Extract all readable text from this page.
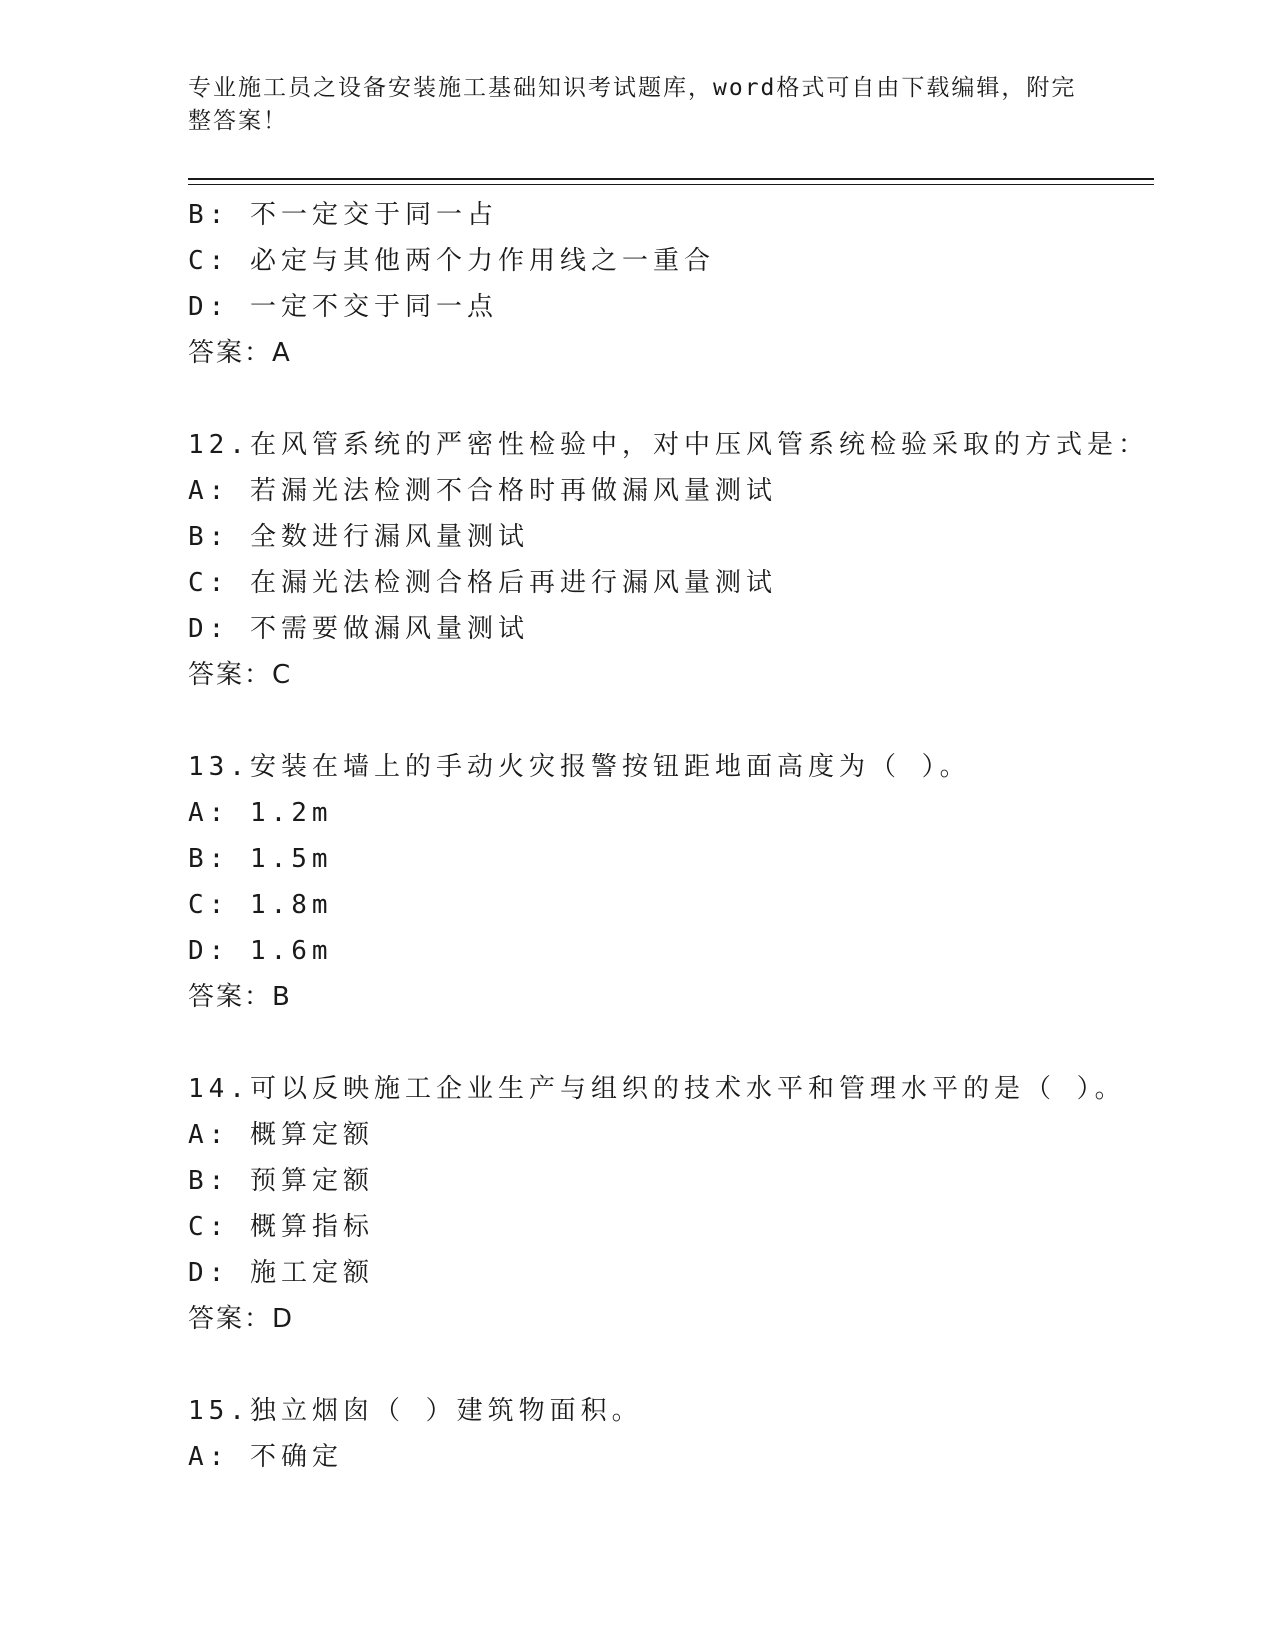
专业施工员之设备安装施工基础知识考试题库，word格式可自由下载编辑，附完
整答案！
B: 不一定交于同一占
C: 必定与其他两个力作用线之一重合
D: 一定不交于同一点
答案：A
12.在风管系统的严密性检验中，对中压风管系统检验采取的方式是：
A: 若漏光法检测不合格时再做漏风量测试
B: 全数进行漏风量测试
C: 在漏光法检测合格后再进行漏风量测试
D: 不需要做漏风量测试
答案：C
13.安装在墙上的手动火灾报警按钮距地面高度为（ ）。
A: 1.2m
B: 1.5m
C: 1.8m
D: 1.6m
答案：B
14.可以反映施工企业生产与组织的技术水平和管理水平的是（ ）。
A: 概算定额
B: 预算定额
C: 概算指标
D: 施工定额
答案：D
15.独立烟囱（ ）建筑物面积。
A: 不确定
